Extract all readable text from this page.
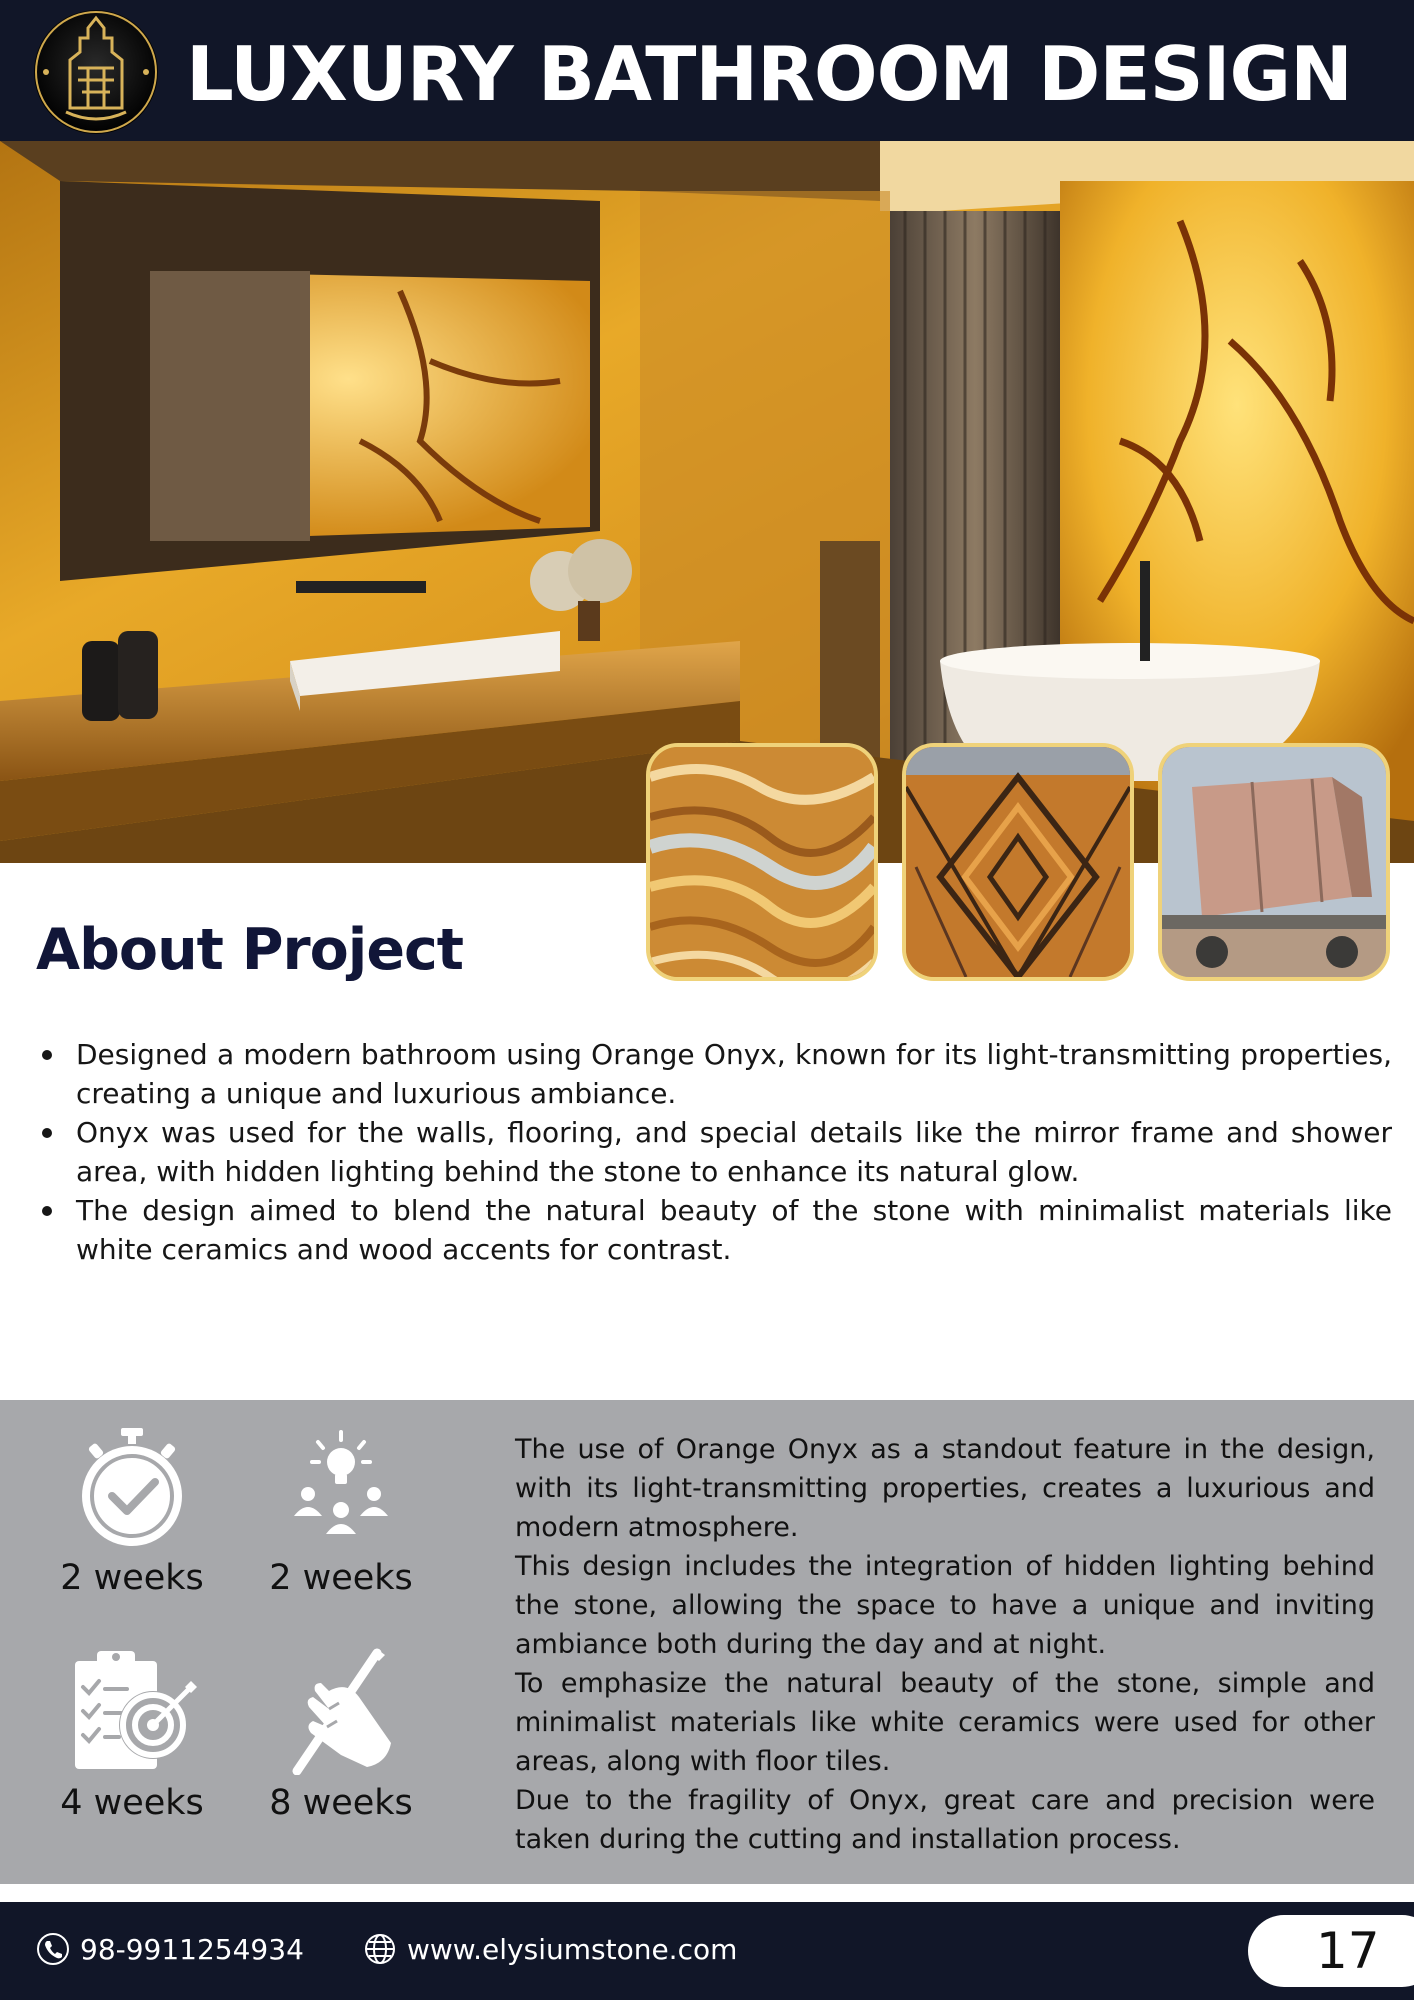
LUXURY BATHROOM DESIGN
About Project
Designed a modern bathroom using Orange Onyx, known for its light-transmitting properties, creating a unique and luxurious ambiance.
Onyx was used for the walls, flooring, and special details like the mirror frame and shower area, with hidden lighting behind the stone to enhance its natural glow.
The design aimed to blend the natural beauty of the stone with minimalist materials like white ceramics and wood accents for contrast.
2 weeks	2 weeks
4 weeks	8 weeks

The use of Orange Onyx as a standout feature in the design, with its light-transmitting properties, creates a luxurious and modern atmosphere.

This design includes the integration of hidden lighting behind the stone, allowing the space to have a unique and inviting ambiance both during the day and at night.

To emphasize the natural beauty of the stone, simple and minimalist materials like white ceramics were used for other areas, along with floor tiles.

Due to the fragility of Onyx, great care and precision were taken during the cutting and installation process.

98-9911254934	www.elysiumstone.com	17
